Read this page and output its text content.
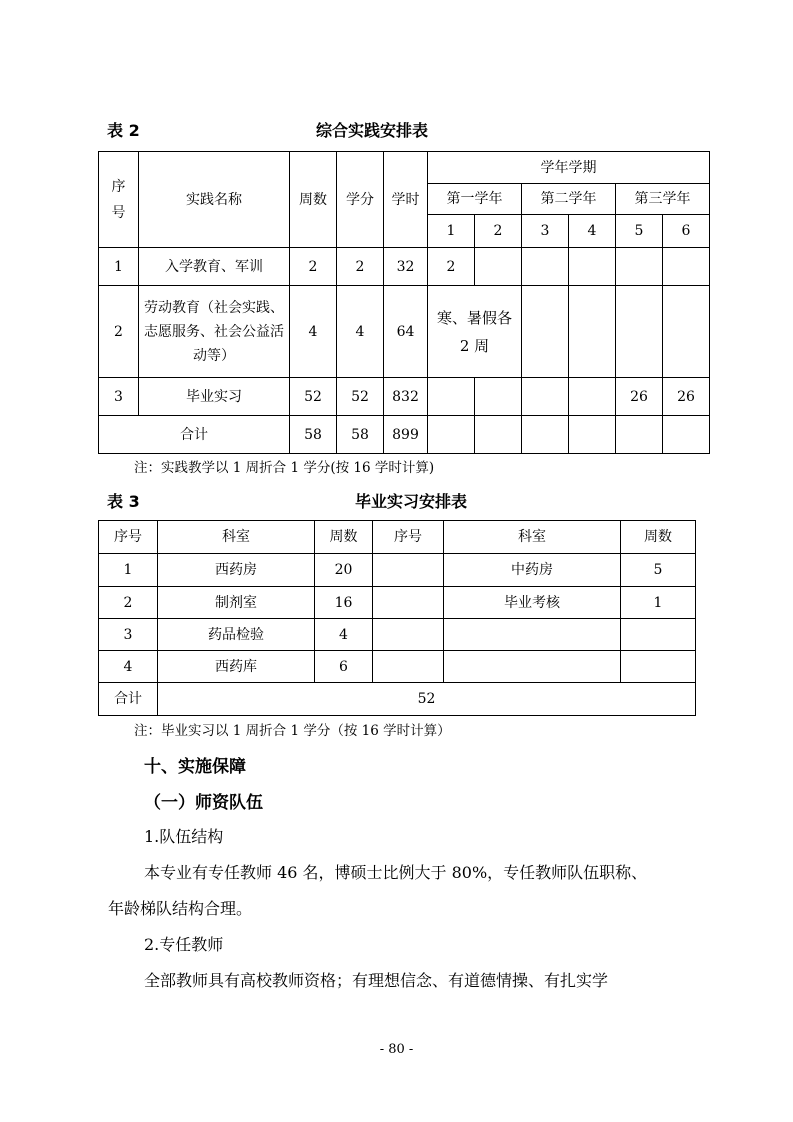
表 2	综合实践安排表
序号	实践名称	周数	学分	学时	学年学期					
					第一学年		第二学年		第三学年	
					1	2	3	4	5	6
1	入学教育、军训	2	2	32	2					
2	劳动教育（社会实践、志愿服务、社会公益活动等）	4	4	64	寒、暑假各 2 周					

3	毕业实习	52	52	832					26	26
合计		58	58	899						
注：实践教学以 1 周折合 1 学分(按 16 学时计算)
表 3	毕业实习安排表
序号	科室	周数	序号	科室	周数
1	西药房	20		中药房	5
2	制剂室	16		毕业考核	1
3	药品检验	4			
4	西药库	6			
合计	52				
注：毕业实习以 1 周折合 1 学分（按 16 学时计算）
十、实施保障
（一）师资队伍
1.队伍结构
本专业有专任教师 46 名，博硕士比例大于 80%，专任教师队伍职称、
年龄梯队结构合理。
2.专任教师
全部教师具有高校教师资格；有理想信念、有道德情操、有扎实学
- 80 -
